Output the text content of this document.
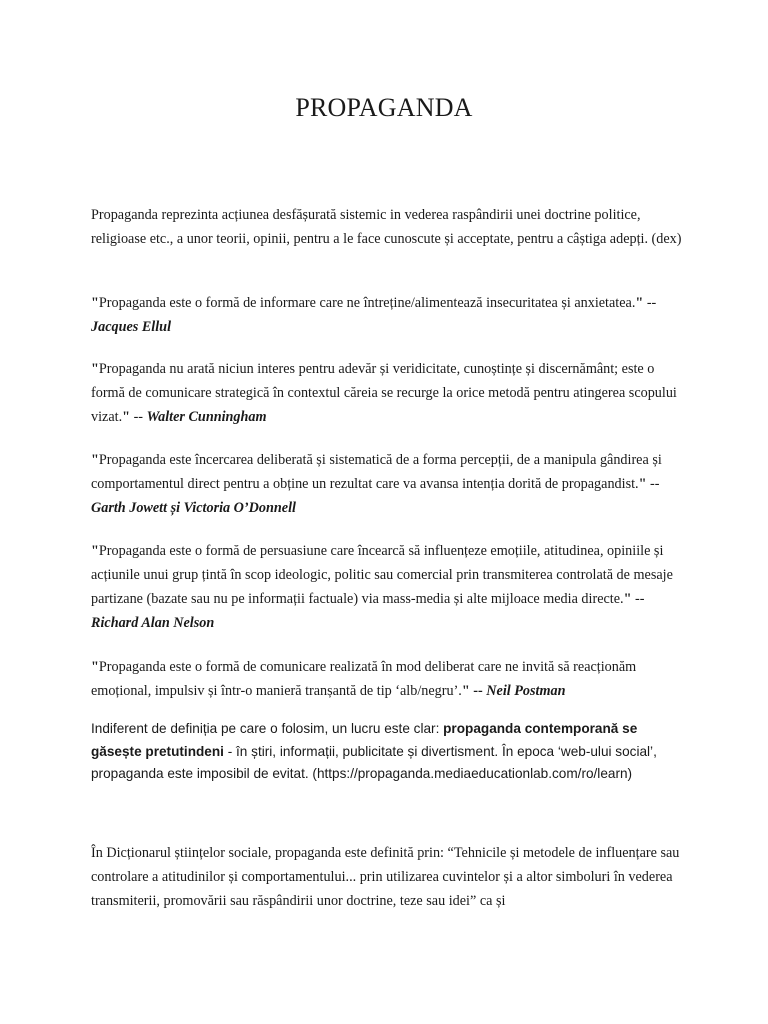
PROPAGANDA

Propaganda reprezinta acțiunea desfășurată sistemic in vederea raspândirii unei doctrine politice, religioase etc., a unor teorii, opinii, pentru a le face cunoscute și acceptate, pentru a câștiga adepți. (dex)

"Propaganda este o formă de informare care ne întreține/alimentează insecuritatea și anxietatea." -- Jacques Ellul

"Propaganda nu arată niciun interes pentru adevăr și veridicitate, cunoștințe și discernământ; este o formă de comunicare strategică în contextul căreia se recurge la orice metodă pentru atingerea scopului vizat." -- Walter Cunningham

"Propaganda este încercarea deliberată și sistematică de a forma percepții, de a manipula gândirea și comportamentul direct pentru a obține un rezultat care va avansa intenția dorită de propagandist." -- Garth Jowett și Victoria O’Donnell

"Propaganda este o formă de persuasiune care încearcă să influențeze emoțiile, atitudinea, opiniile și acțiunile unui grup țintă în scop ideologic, politic sau comercial prin transmiterea controlată de mesaje partizane (bazate sau nu pe informații factuale) via mass-media și alte mijloace media directe." -- Richard Alan Nelson

"Propaganda este o formă de comunicare realizată în mod deliberat care ne invită să reacționăm emoțional, impulsiv și într-o manieră tranșantă de tip ‘alb/negru’." -- Neil Postman

Indiferent de definiția pe care o folosim, un lucru este clar: propaganda contemporană se găsește pretutindeni - în știri, informații, publicitate și divertisment. În epoca ‘web-ului social’, propaganda este imposibil de evitat. (https://propaganda.mediaeducationlab.com/ro/learn)

În Dicționarul științelor sociale, propaganda este definită prin: “Tehnicile și metodele de influențare sau controlare a atitudinilor și comportamentului... prin utilizarea cuvintelor și a altor simboluri în vederea transmiterii, promovării sau răspândirii unor doctrine, teze sau idei” ca și
